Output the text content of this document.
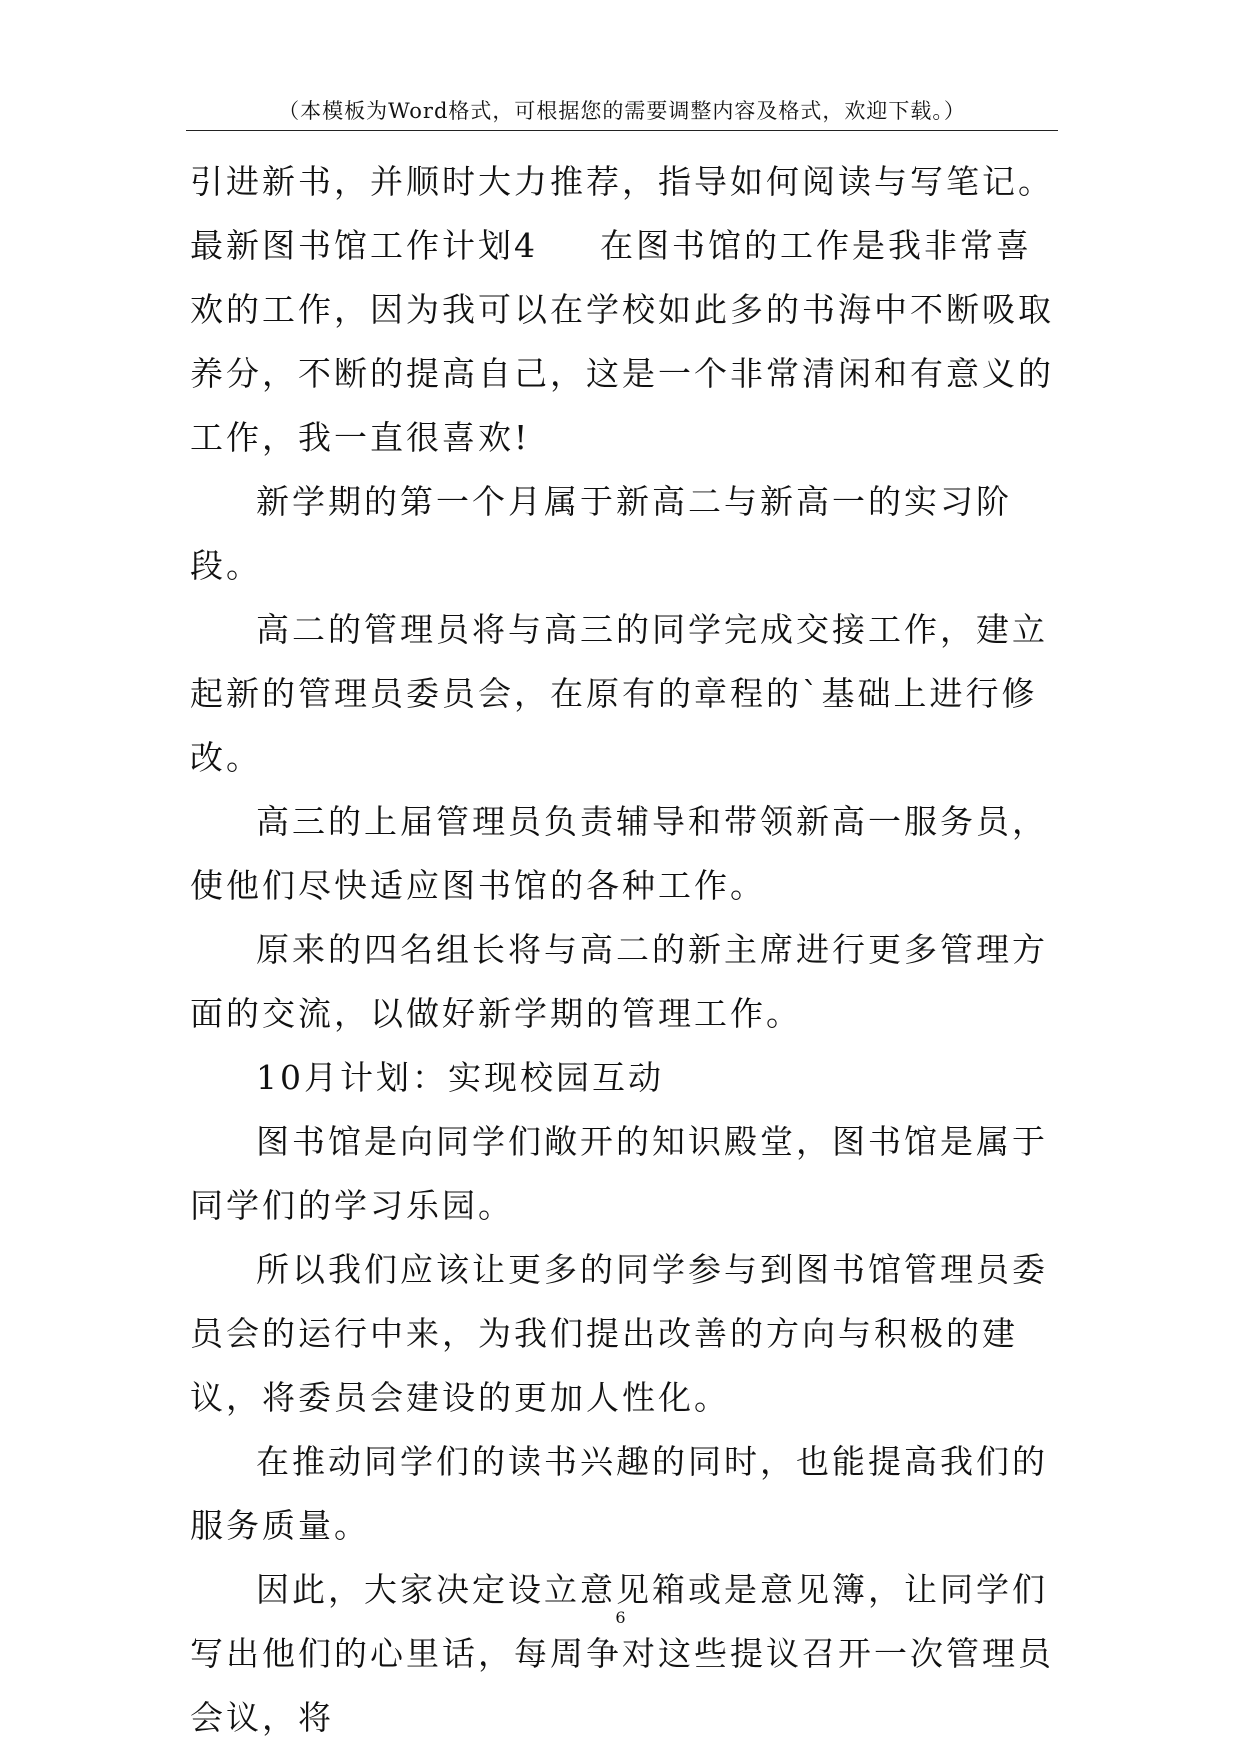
（本模板为Word格式，可根据您的需要调整内容及格式，欢迎下载。）

引进新书，并顺时大力推荐，指导如何阅读与写笔记。

最新图书馆工作计划4 在图书馆的工作是我非常喜欢的工作，因为我可以在学校如此多的书海中不断吸取养分，不断的提高自己，这是一个非常清闲和有意义的工作，我一直很喜欢!

新学期的第一个月属于新高二与新高一的实习阶段。

高二的管理员将与高三的同学完成交接工作，建立起新的管理员委员会，在原有的章程的`基础上进行修改。

高三的上届管理员负责辅导和带领新高一服务员，使他们尽快适应图书馆的各种工作。

原来的四名组长将与高二的新主席进行更多管理方面的交流，以做好新学期的管理工作。

10月计划：实现校园互动

图书馆是向同学们敞开的知识殿堂，图书馆是属于同学们的学习乐园。

所以我们应该让更多的同学参与到图书馆管理员委员会的运行中来，为我们提出改善的方向与积极的建议，将委员会建设的更加人性化。

在推动同学们的读书兴趣的同时，也能提高我们的服务质量。

因此，大家决定设立意见箱或是意见簿，让同学们写出他们的心里话，每周争对这些提议召开一次管理员会议，将

6
